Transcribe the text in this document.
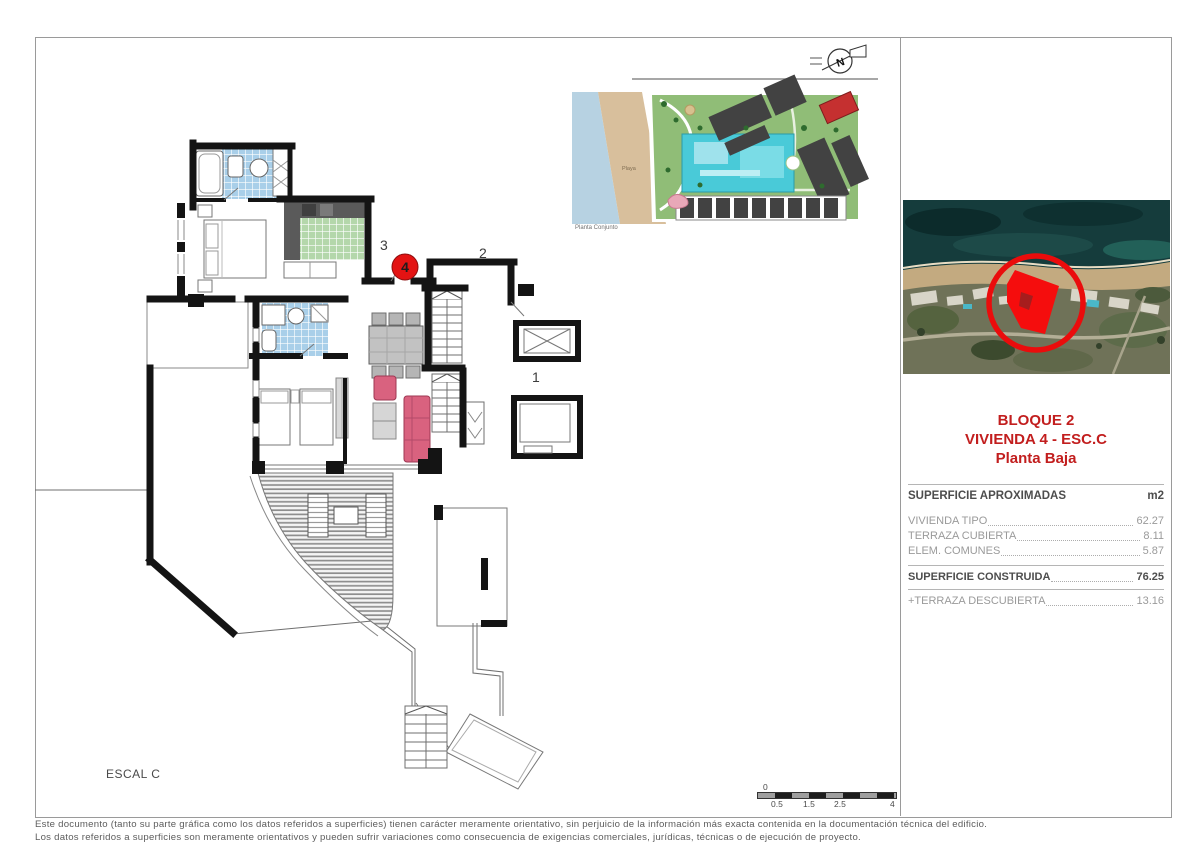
3	2
1
4
N
Playa
Planta Conjunto
BLOQUE 2
VIVIENDA 4 - ESC.C
Planta Baja
SUPERFICIE APROXIMADAS	m2
VIVIENDA TIPO	62.27
TERRAZA CUBIERTA	8.11
ELEM. COMUNES	5.87
SUPERFICIE CONSTRUIDA	76.25
+TERRAZA DESCUBIERTA	13.16
ESCAL C
0
0.5 1.5 2.5	4
Este documento (tanto su parte gráfica como los datos referidos a superficies) tienen carácter meramente orientativo, sin perjuicio de la información más exacta contenida en la documentación técnica del edificio.
Los datos referidos a superficies son meramente orientativos y pueden sufrir variaciones como consecuencia de exigencias comerciales, jurídicas, técnicas o de ejecución de proyecto.
